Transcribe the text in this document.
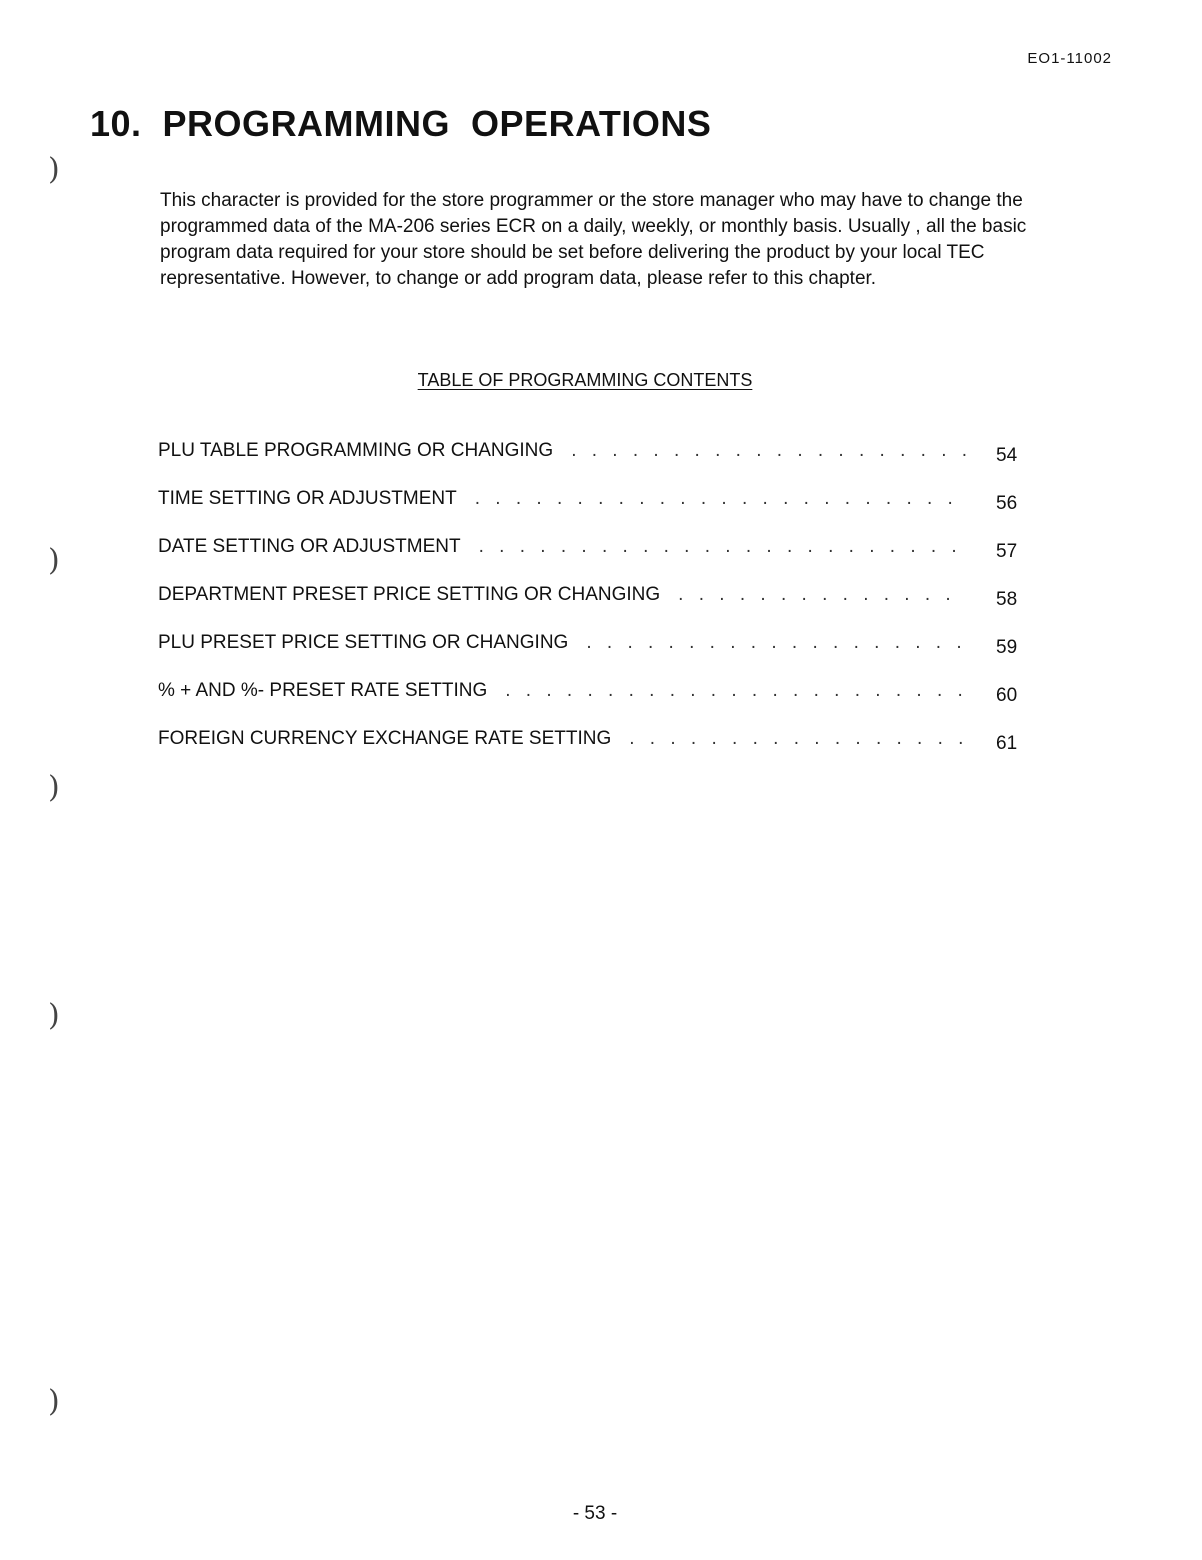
EO1-11002
10.  PROGRAMMING  OPERATIONS

This character is provided for the store programmer or the store manager who may have to change the programmed data of the MA-206 series ECR on a daily, weekly, or monthly basis. Usually , all the basic program data required for your store should be set before delivering the product by your local TEC representative. However, to change or add program data, please refer to this chapter.

TABLE OF PROGRAMMING CONTENTS
PLU TABLE PROGRAMMING OR CHANGING . . .	54
TIME SETTING OR ADJUSTMENT . . .	56
DATE SETTING OR ADJUSTMENT . . .	57
DEPARTMENT PRESET PRICE SETTING OR CHANGING . . .	58
PLU PRESET PRICE SETTING OR CHANGING . . .	59
% + AND %- PRESET RATE SETTING . . .	60
FOREIGN CURRENCY EXCHANGE RATE SETTING . . .	61
)
)
)
)
)
- 53 -
